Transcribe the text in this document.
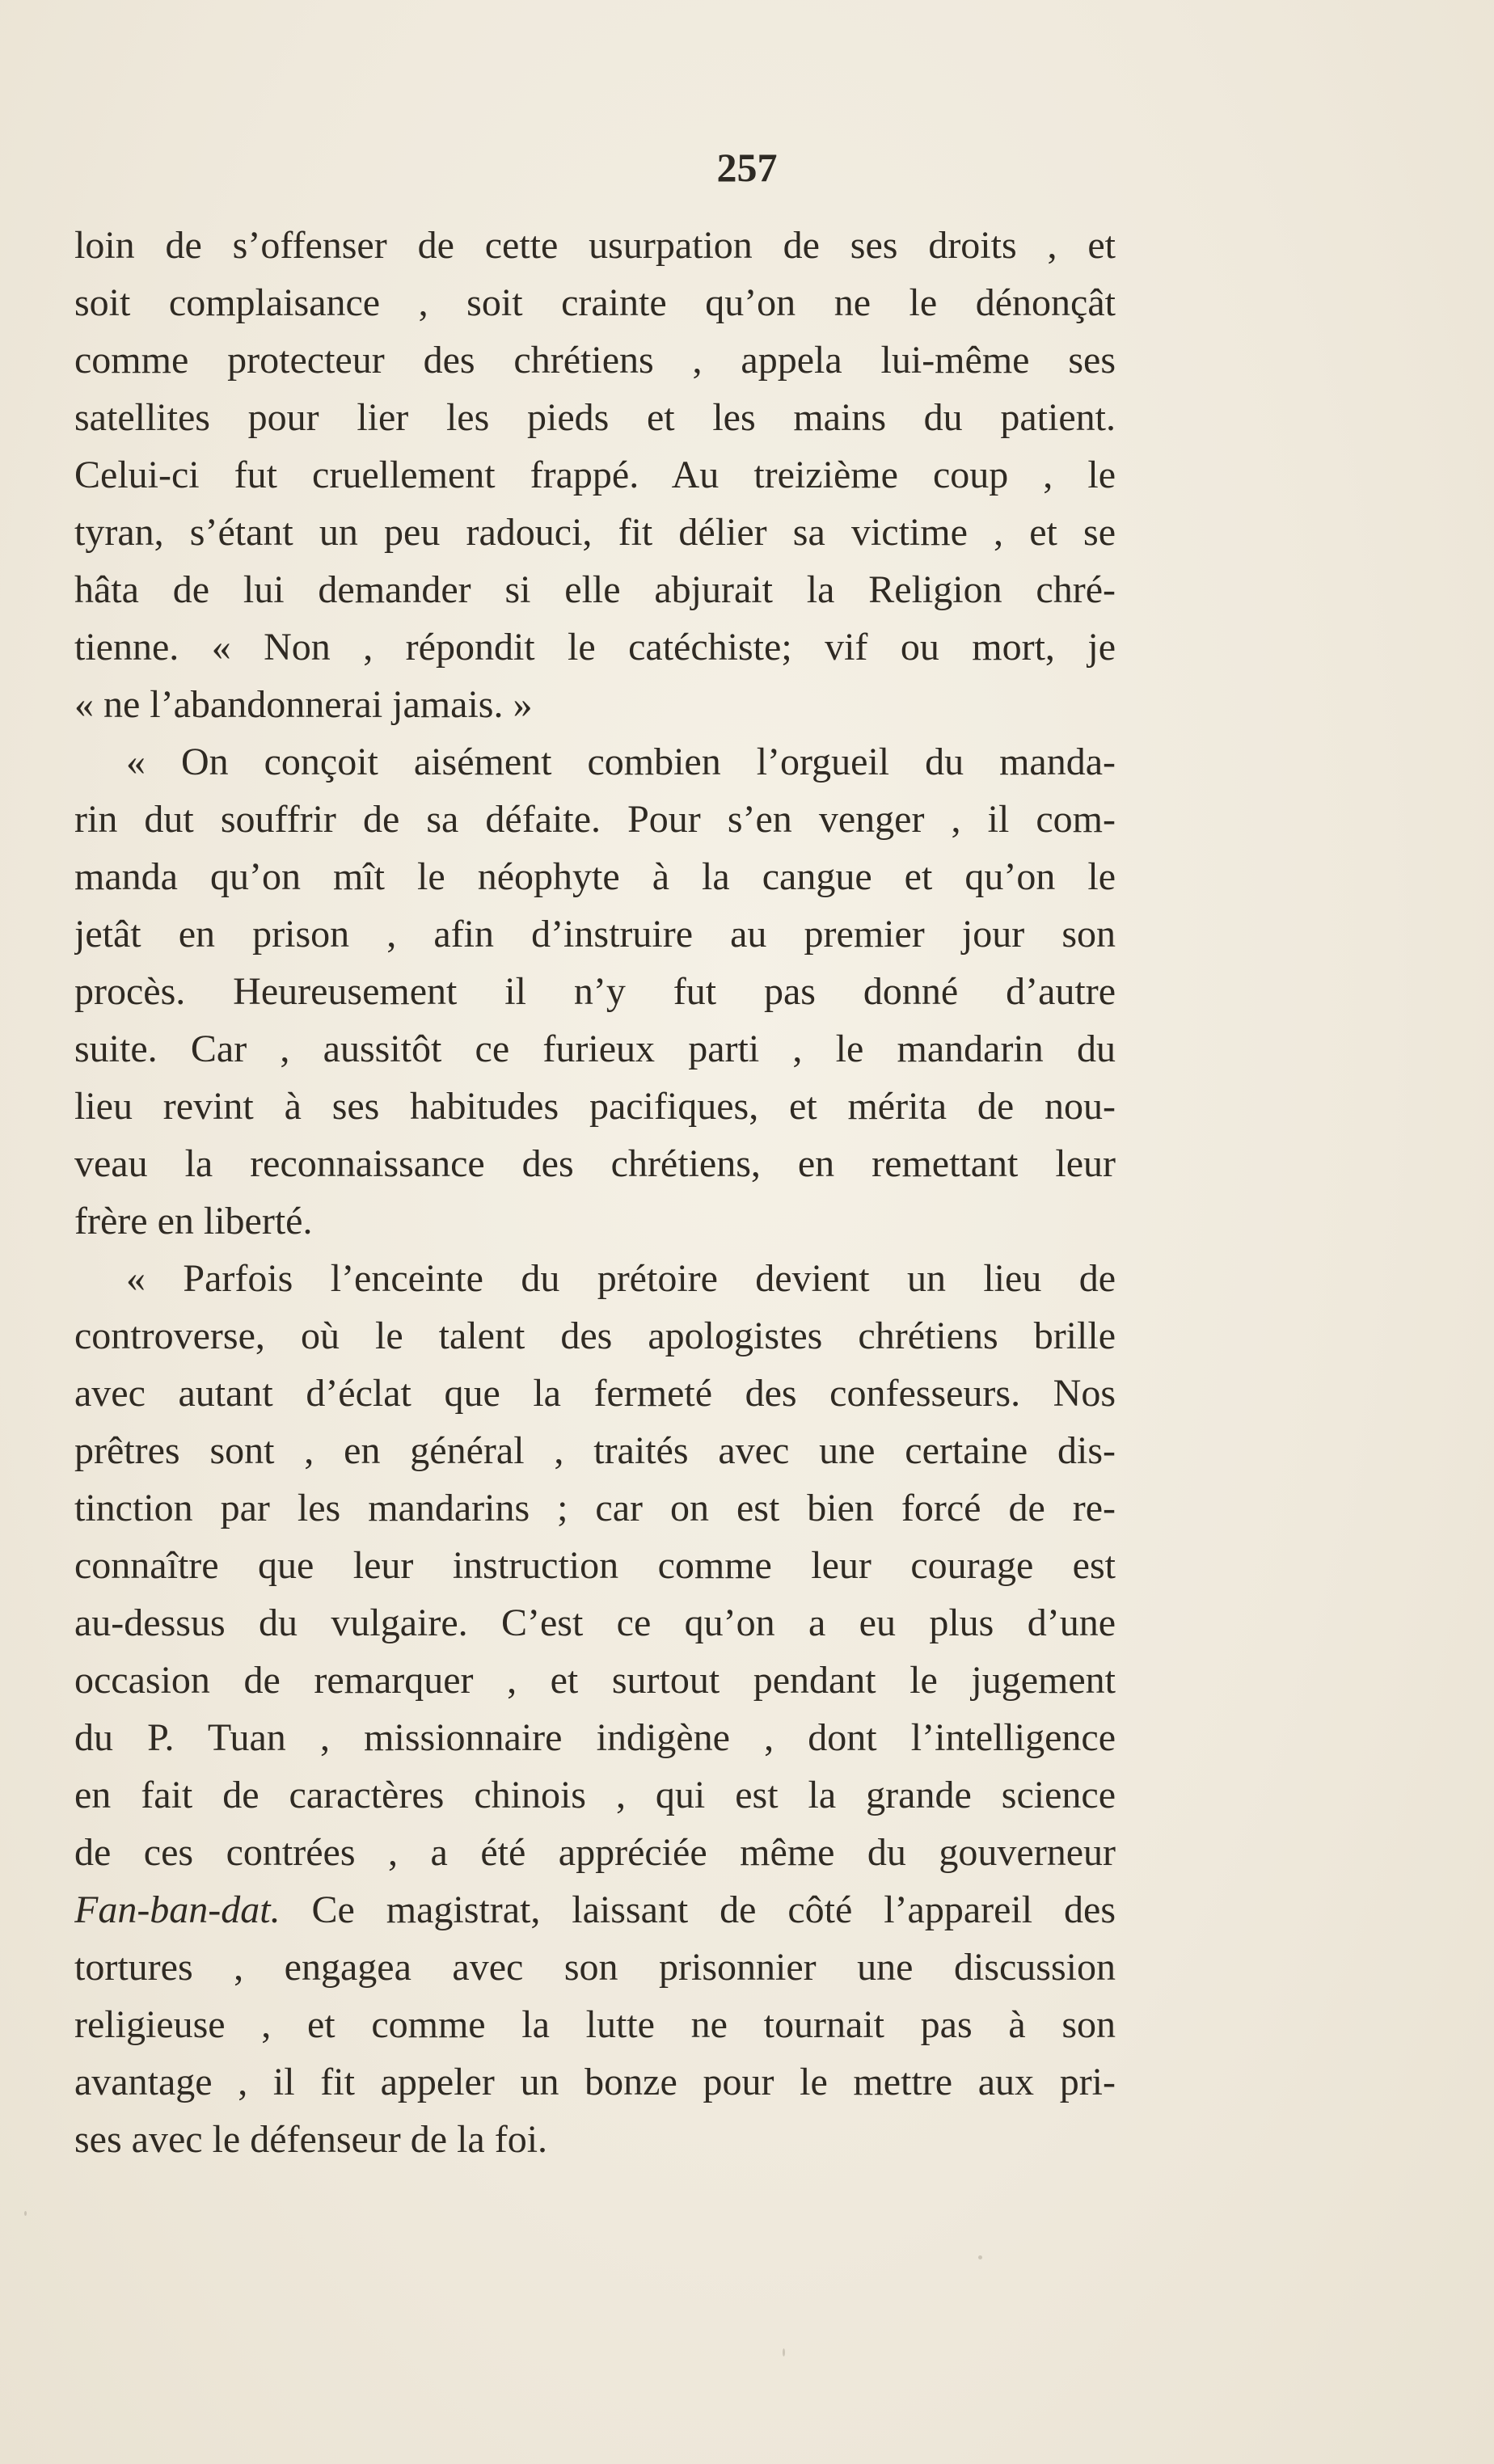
257

loin de s’offenser de cette usurpation de ses droits , et
soit complaisance , soit crainte qu’on ne le dénonçât
comme protecteur des chrétiens , appela lui-même ses
satellites pour lier les pieds et les mains du patient.
Celui-ci fut cruellement frappé. Au treizième coup , le
tyran, s’étant un peu radouci, fit délier sa victime , et se
hâta de lui demander si elle abjurait la Religion chré-
tienne. « Non , répondit le catéchiste; vif ou mort, je
« ne l’abandonnerai jamais. »

« On conçoit aisément combien l’orgueil du manda-
rin dut souffrir de sa défaite. Pour s’en venger , il com-
manda qu’on mît le néophyte à la cangue et qu’on le
jetât en prison , afin d’instruire au premier jour son
procès. Heureusement il n’y fut pas donné d’autre
suite. Car , aussitôt ce furieux parti , le mandarin du
lieu revint à ses habitudes pacifiques, et mérita de nou-
veau la reconnaissance des chrétiens, en remettant leur
frère en liberté.

« Parfois l’enceinte du prétoire devient un lieu de
controverse, où le talent des apologistes chrétiens brille
avec autant d’éclat que la fermeté des confesseurs. Nos
prêtres sont , en général , traités avec une certaine dis-
tinction par les mandarins ; car on est bien forcé de re-
connaître que leur instruction comme leur courage est
au-dessus du vulgaire. C’est ce qu’on a eu plus d’une
occasion de remarquer , et surtout pendant le jugement
du P. Tuan , missionnaire indigène , dont l’intelligence
en fait de caractères chinois , qui est la grande science
de ces contrées , a été appréciée même du gouverneur
Fan-ban-dat. Ce magistrat, laissant de côté l’appareil des
tortures , engagea avec son prisonnier une discussion
religieuse , et comme la lutte ne tournait pas à son
avantage , il fit appeler un bonze pour le mettre aux pri-
ses avec le défenseur de la foi.
